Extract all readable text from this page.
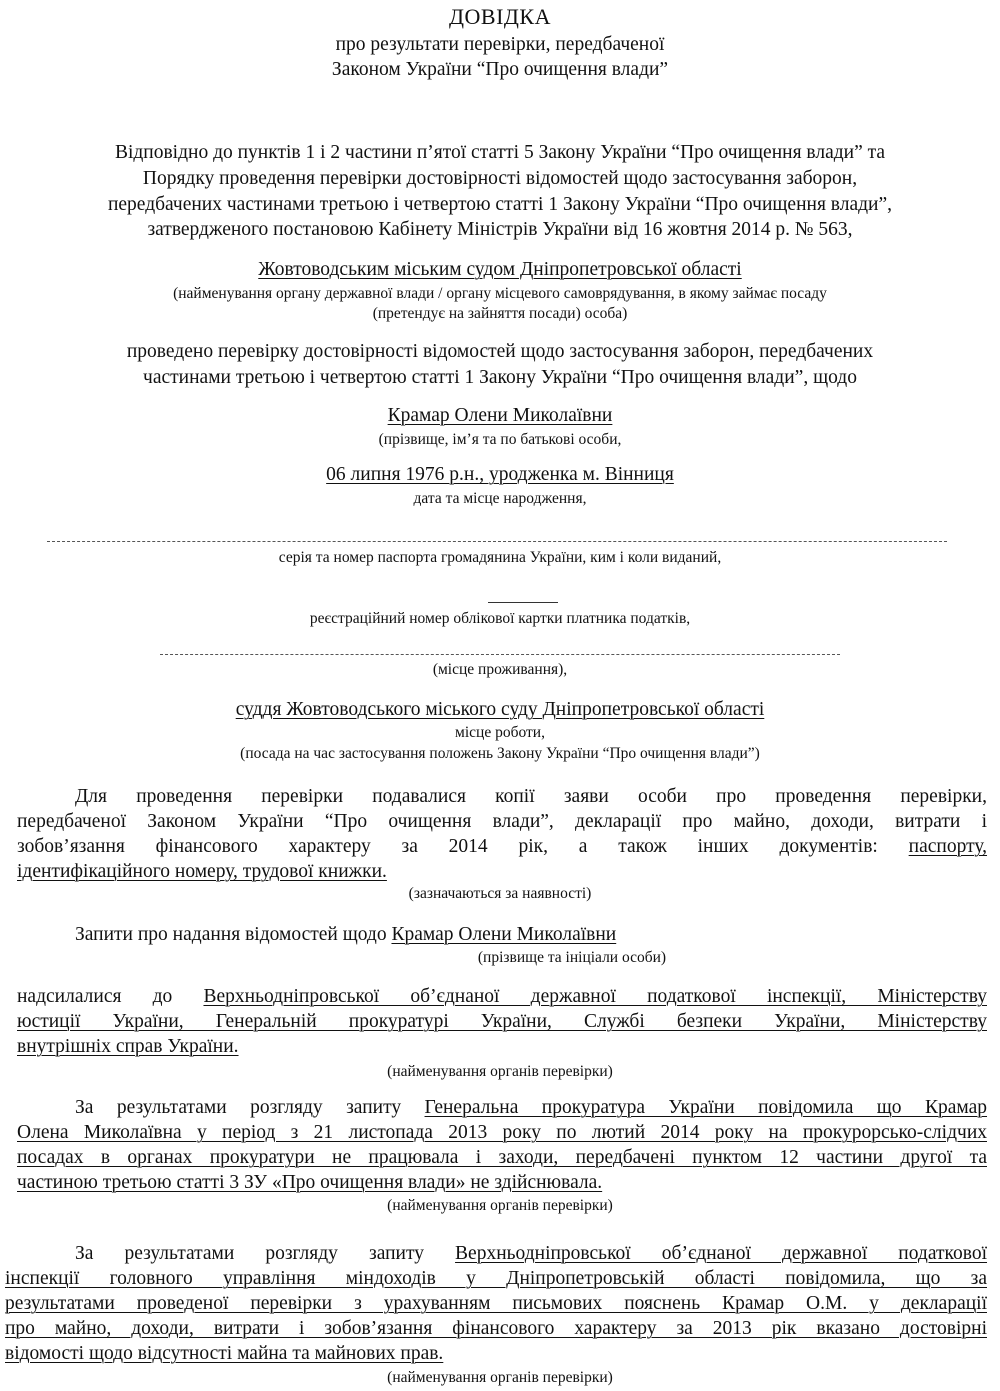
ДОВІДКА
про результати перевірки, передбаченої
Законом України “Про очищення влади”
Відповідно до пунктів 1 і 2 частини п’ятої статті 5 Закону України “Про очищення влади” та
Порядку проведення перевірки достовірності відомостей щодо застосування заборон,
передбачених частинами третьою і четвертою статті 1 Закону України “Про очищення влади”,
затвердженого постановою Кабінету Міністрів України від 16 жовтня 2014 р. № 563,
Жовтоводським міським судом Дніпропетровської області
(найменування органу державної влади / органу місцевого самоврядування, в якому займає посаду
(претендує на зайняття посади) особа)
проведено перевірку достовірності відомостей щодо застосування заборон, передбачених
частинами третьою і четвертою статті 1 Закону України “Про очищення влади”, щодо
Крамар Олени Миколаївни
(прізвище, ім’я та по батькові особи,
06 липня 1976 р.н., уродженка м. Вінниця
дата та місце народження,
серія та номер паспорта громадянина України, ким і коли виданий,
реєстраційний номер облікової картки платника податків,
(місце проживання),
суддя Жовтоводського міського суду Дніпропетровської області
місце роботи,
(посада на час застосування положень Закону України “Про очищення влади”)
Для проведення перевірки подавалися копії заяви особи про проведення перевірки,
передбаченої Законом України “Про очищення влади”, декларації про майно, доходи, витрати і
зобов’язання фінансового характеру за 2014 рік, а також інших документів: паспорту,
ідентифікаційного номеру, трудової книжки.
(зазначаються за наявності)
Запити про надання відомостей щодо Крамар Олени Миколаївни
(прізвище та ініціали особи)
надсилалися до Верхньодніпровської об’єднаної державної податкової інспекції, Міністерству
юстиції України, Генеральній прокуратурі України, Службі безпеки України, Міністерству
внутрішніх справ України.
(найменування органів перевірки)
За результатами розгляду запиту Генеральна прокуратура України повідомила що Крамар
Олена Миколаївна у період з 21 листопада 2013 року по лютий 2014 року на прокурорсько-слідчих
посадах в органах прокуратури не працювала і заходи, передбачені пунктом 12 частини другої та
частиною третьою статті 3 ЗУ «Про очищення влади» не здійснювала.
(найменування органів перевірки)
За результатами розгляду запиту Верхньодніпровської об’єднаної державної податкової
інспекції головного управління міндоходів у Дніпропетровській області повідомила, що за
результатами проведеної перевірки з урахуванням письмових пояснень Крамар О.М. у декларації
про майно, доходи, витрати і зобов’язання фінансового характеру за 2013 рік вказано достовірні
відомості щодо відсутності майна та майнових прав.
(найменування органів перевірки)
